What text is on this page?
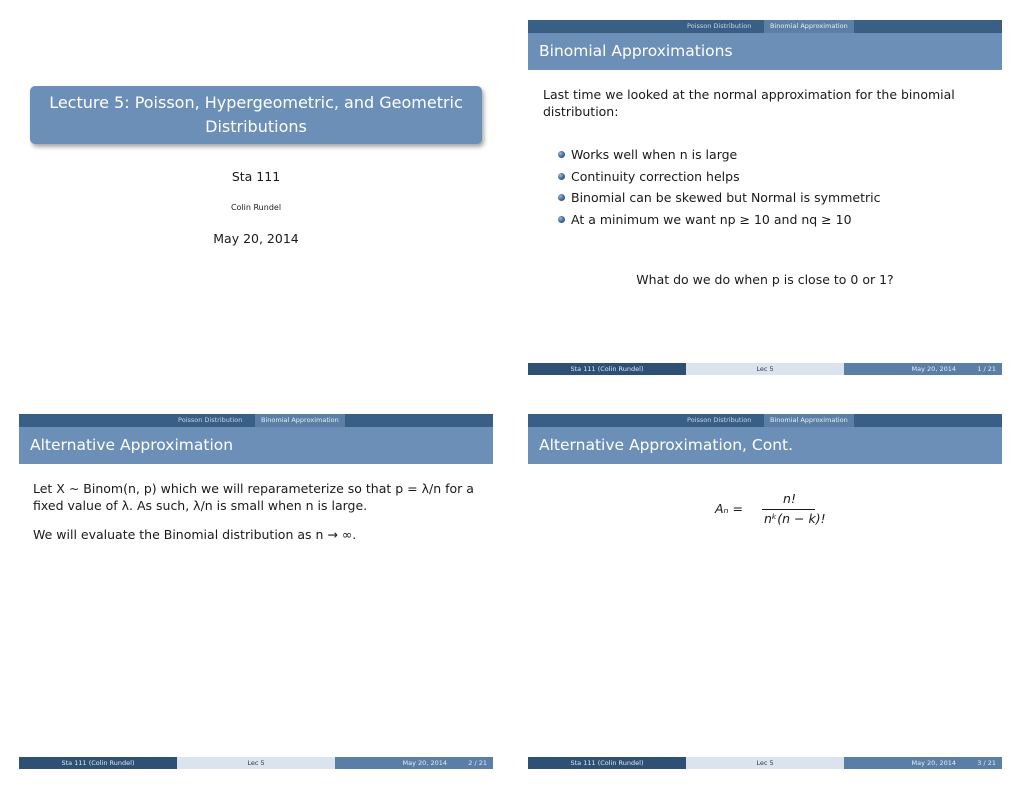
Lecture 5: Poisson, Hypergeometric, and Geometric
Distributions
Sta 111
Colin Rundel
May 20, 2014
Poisson Distribution	Binomial Approximation
Binomial Approximations
Last time we looked at the normal approximation for the binomial
distribution:
Works well when n is large
Continuity correction helps
Binomial can be skewed but Normal is symmetric
At a minimum we want np ≥ 10 and nq ≥ 10
What do we do when p is close to 0 or 1?
Sta 111 (Colin Rundel)	Lec 5	May 20, 2014	1 / 21
Poisson Distribution	Binomial Approximation
Alternative Approximation
Let X ∼ Binom(n, p) which we will reparameterize so that p = λ/n for a
fixed value of λ. As such, λ/n is small when n is large.
We will evaluate the Binomial distribution as n → ∞.
Sta 111 (Colin Rundel)	Lec 5	May 20, 2014	2 / 21
Poisson Distribution	Binomial Approximation
Alternative Approximation, Cont.
Aₙ =
n!
nᵏ(n − k)!
Sta 111 (Colin Rundel)	Lec 5	May 20, 2014	3 / 21
